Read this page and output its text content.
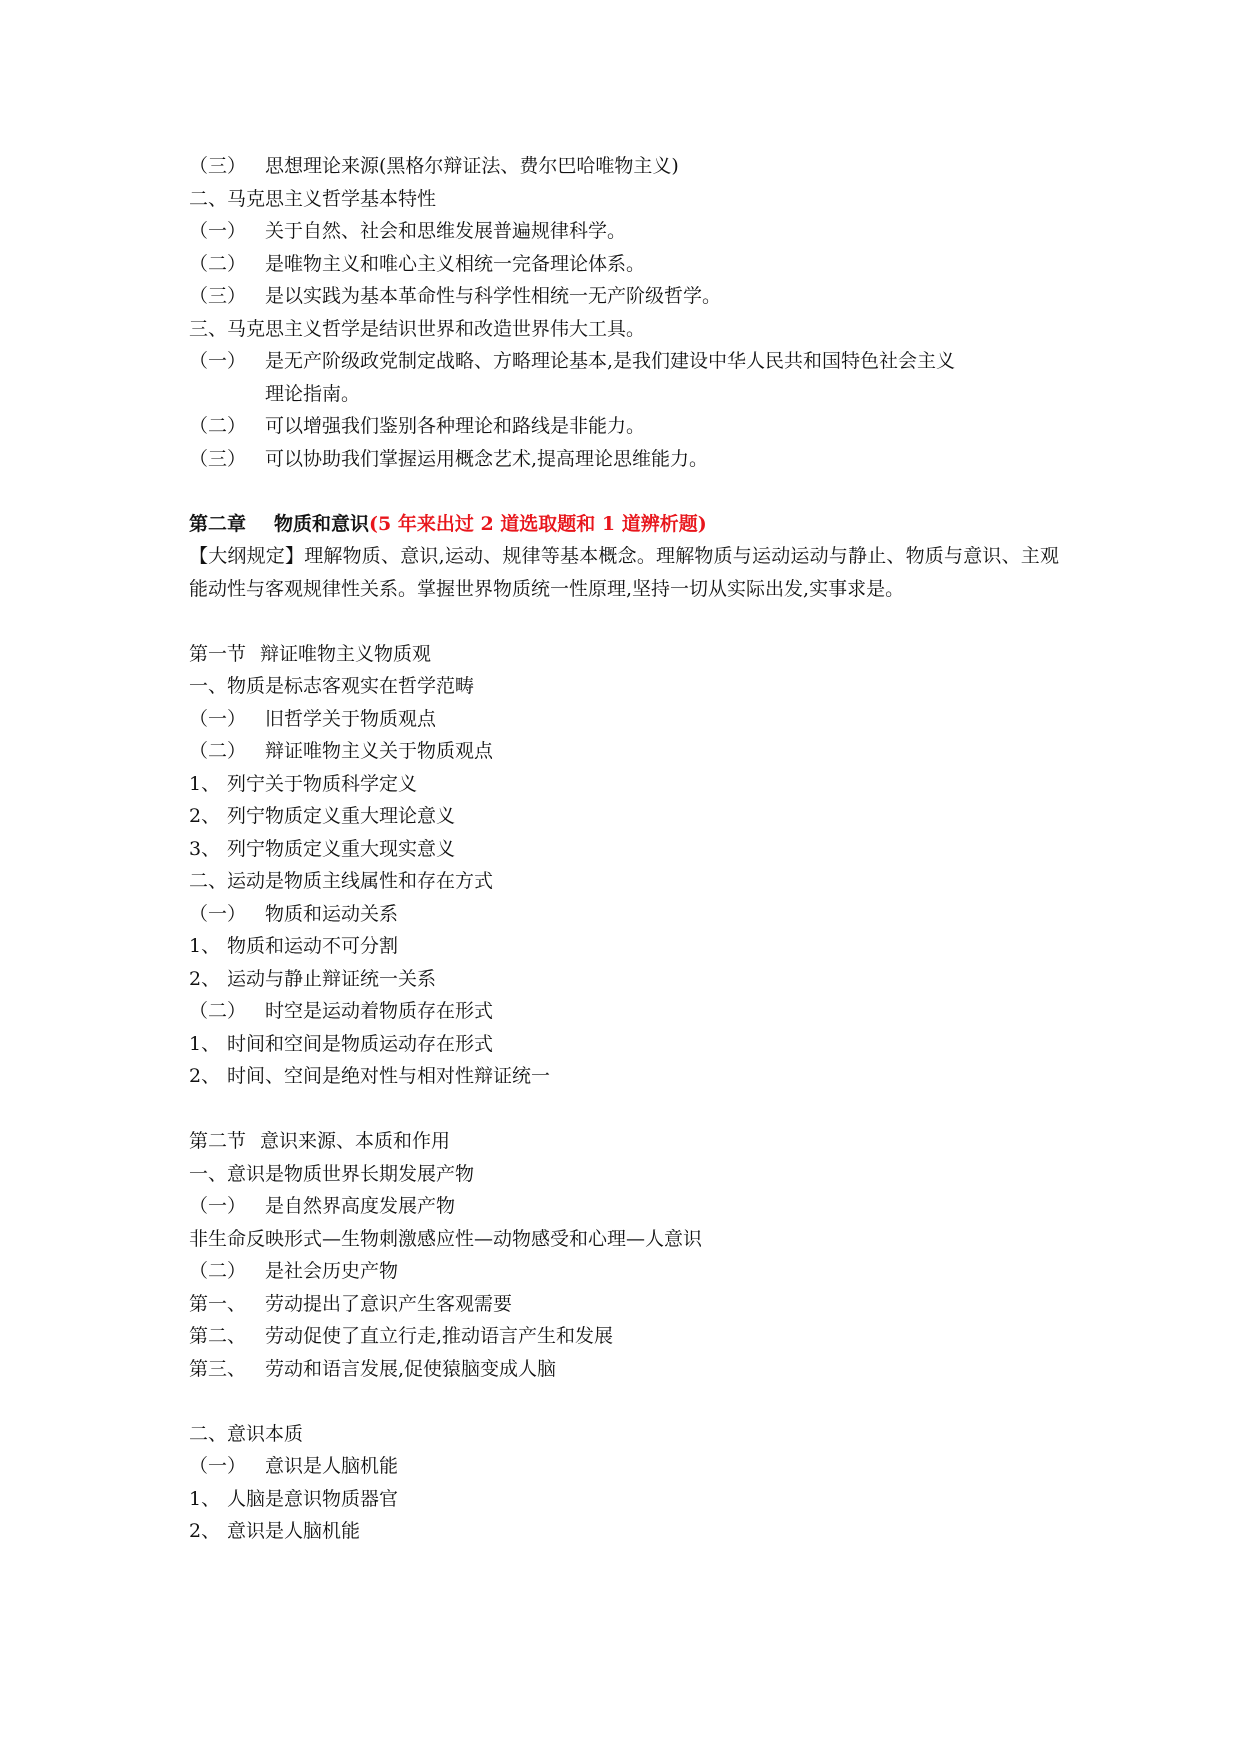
（三） 思想理论来源(黑格尔辩证法、费尔巴哈唯物主义)
二、马克思主义哲学基本特性
（一） 关于自然、社会和思维发展普遍规律科学。
（二） 是唯物主义和唯心主义相统一完备理论体系。
（三） 是以实践为基本革命性与科学性相统一无产阶级哲学。
三、马克思主义哲学是结识世界和改造世界伟大工具。
（一） 是无产阶级政党制定战略、方略理论基本,是我们建设中华人民共和国特色社会主义
理论指南。
（二） 可以增强我们鉴别各种理论和路线是非能力。
（三） 可以协助我们掌握运用概念艺术,提高理论思维能力。
第二章 物质和意识(5 年来出过 2 道选取题和 1 道辨析题)
【大纲规定】理解物质、意识,运动、规律等基本概念。理解物质与运动运动与静止、物质与意识、主观能动性与客观规律性关系。掌握世界物质统一性原理,坚持一切从实际出发,实事求是。
第一节 辩证唯物主义物质观
一、物质是标志客观实在哲学范畴
（一） 旧哲学关于物质观点
（二） 辩证唯物主义关于物质观点
1、 列宁关于物质科学定义
2、 列宁物质定义重大理论意义
3、 列宁物质定义重大现实意义
二、运动是物质主线属性和存在方式
（一） 物质和运动关系
1、 物质和运动不可分割
2、 运动与静止辩证统一关系
（二） 时空是运动着物质存在形式
1、 时间和空间是物质运动存在形式
2、 时间、空间是绝对性与相对性辩证统一
第二节 意识来源、本质和作用
一、意识是物质世界长期发展产物
（一） 是自然界高度发展产物
非生命反映形式—生物刺激感应性—动物感受和心理—人意识
（二） 是社会历史产物
第一、 劳动提出了意识产生客观需要
第二、 劳动促使了直立行走,推动语言产生和发展
第三、 劳动和语言发展,促使猿脑变成人脑
二、意识本质
（一） 意识是人脑机能
1、 人脑是意识物质器官
2、 意识是人脑机能
